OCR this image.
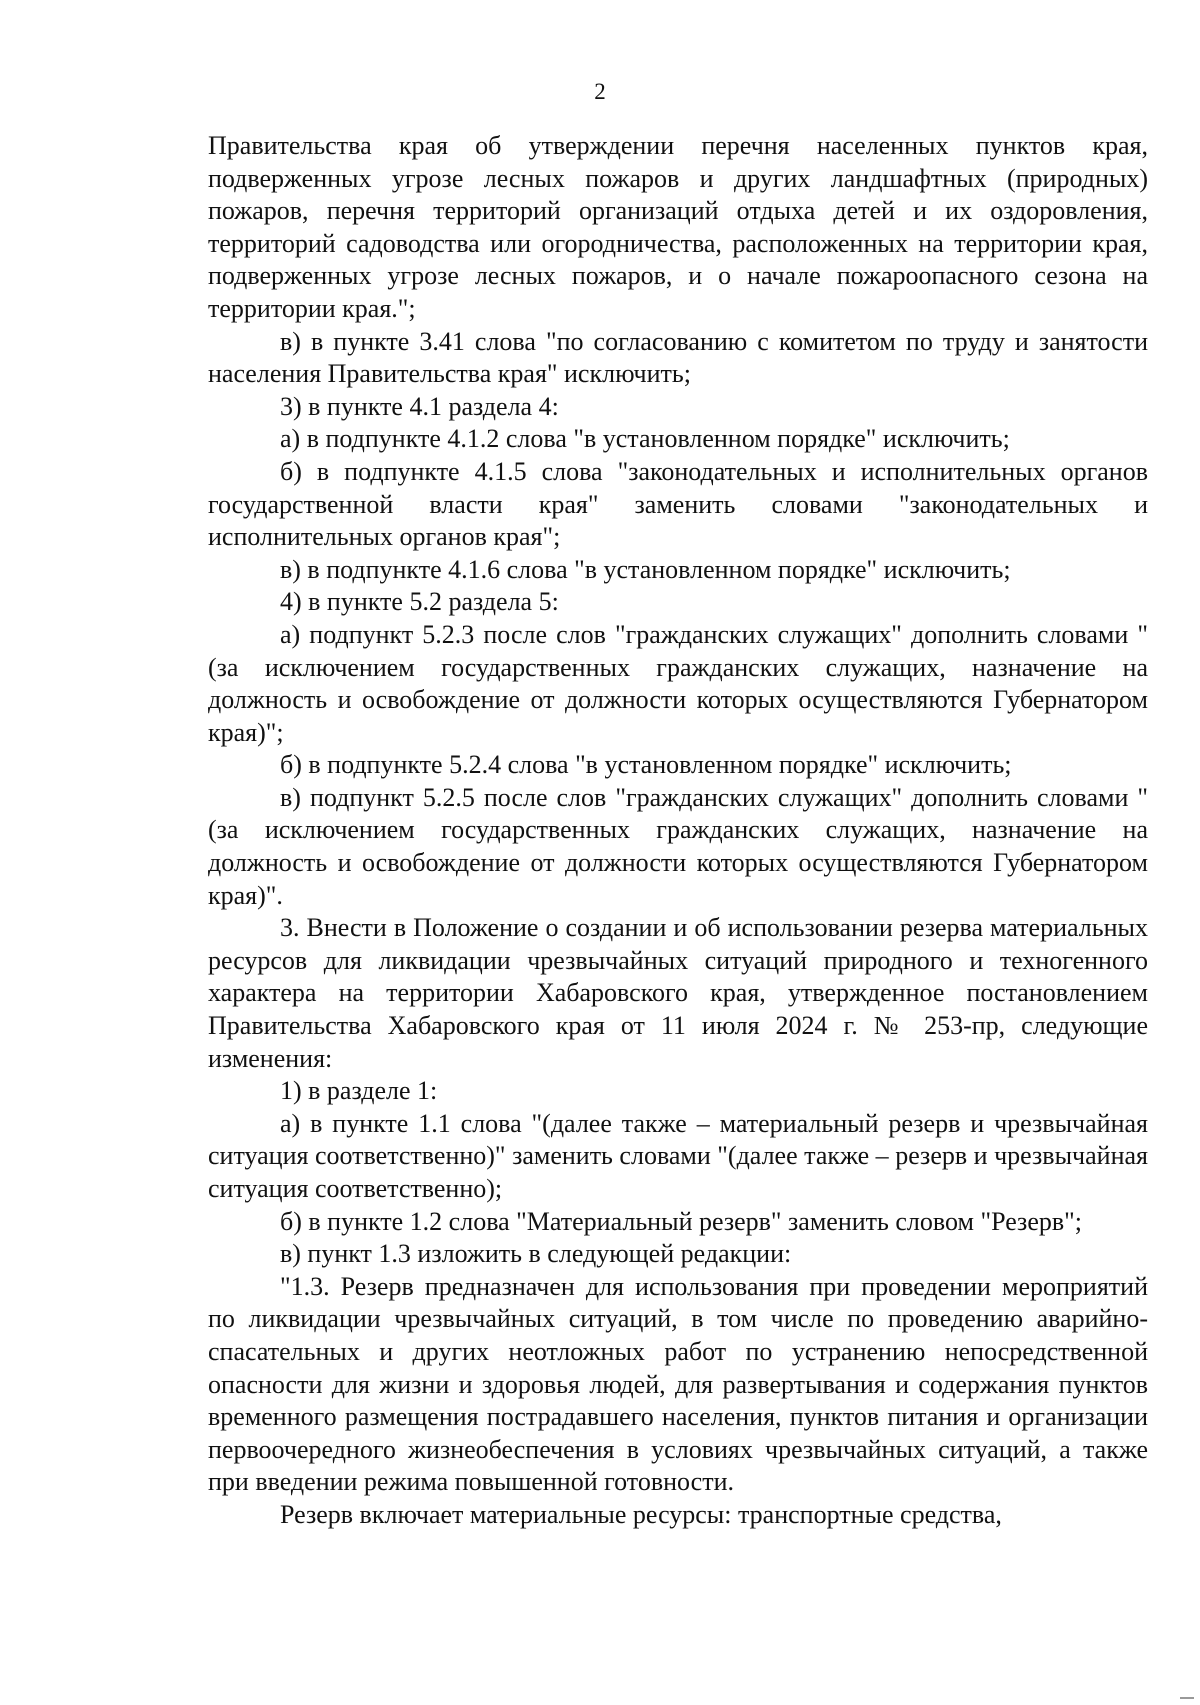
2

Правительства края об утверждении перечня населенных пунктов края, подверженных угрозе лесных пожаров и других ландшафтных (природных) пожаров, перечня территорий организаций отдыха детей и их оздоровления, территорий садоводства или огородничества, расположенных на территории края, подверженных угрозе лесных пожаров, и о начале пожароопасного сезона на территории края.";

в) в пункте 3.41 слова "по согласованию с комитетом по труду и занятости населения Правительства края" исключить;

3) в пункте 4.1 раздела 4:

а) в подпункте 4.1.2 слова "в установленном порядке" исключить;

б) в подпункте 4.1.5 слова "законодательных и исполнительных органов государственной власти края" заменить словами "законодательных и исполнительных органов края";

в) в подпункте 4.1.6 слова "в установленном порядке" исключить;

4) в пункте 5.2 раздела 5:

а) подпункт 5.2.3 после слов "гражданских служащих" дополнить словами "(за исключением государственных гражданских служащих, назначение на должность и освобождение от должности которых осуществляются Губернатором края)";

б) в подпункте 5.2.4 слова "в установленном порядке" исключить;

в) подпункт 5.2.5 после слов "гражданских служащих" дополнить словами "(за исключением государственных гражданских служащих, назначение на должность и освобождение от должности которых осуществляются Губернатором края)".

3. Внести в Положение о создании и об использовании резерва материальных ресурсов для ликвидации чрезвычайных ситуаций природного и техногенного характера на территории Хабаровского края, утвержденное постановлением Правительства Хабаровского края от 11 июля 2024 г. № 253-пр, следующие изменения:

1) в разделе 1:

а) в пункте 1.1 слова "(далее также – материальный резерв и чрезвычайная ситуация соответственно)" заменить словами "(далее также – резерв и чрезвычайная ситуация соответственно);

б) в пункте 1.2 слова "Материальный резерв" заменить словом "Резерв";

в) пункт 1.3 изложить в следующей редакции:

"1.3. Резерв предназначен для использования при проведении мероприятий по ликвидации чрезвычайных ситуаций, в том числе по проведению аварийно-спасательных и других неотложных работ по устранению непосредственной опасности для жизни и здоровья людей, для развертывания и содержания пунктов временного размещения пострадавшего населения, пунктов питания и организации первоочередного жизнеобеспечения в условиях чрезвычайных ситуаций, а также при введении режима повышенной готовности.

Резерв включает материальные ресурсы: транспортные средства,
